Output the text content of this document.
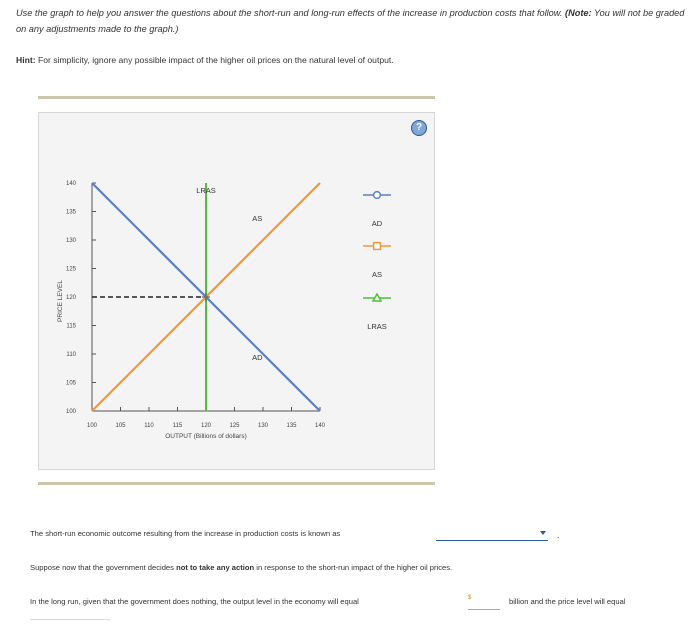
Use the graph to help you answer the questions about the short-run and long-run effects of the increase in production costs that follow. (Note: You will not be graded on any adjustments made to the graph.)
Hint: For simplicity, ignore any possible impact of the higher oil prices on the natural level of output.
140
135
130
125
120
115
110
105
100
100	105	110	115	120	125	130	135	140
PRICE LEVEL
OUTPUT (Billions of dollars)
LRAS
AS
AD
AD
AS
LRAS
?
The short-run economic outcome resulting from the increase in production costs is known as	.
Suppose now that the government decides not to take any action in response to the short-run impact of the higher oil prices.
In the long run, given that the government does nothing, the output level in the economy will equal	$	billion and the price level will equal
